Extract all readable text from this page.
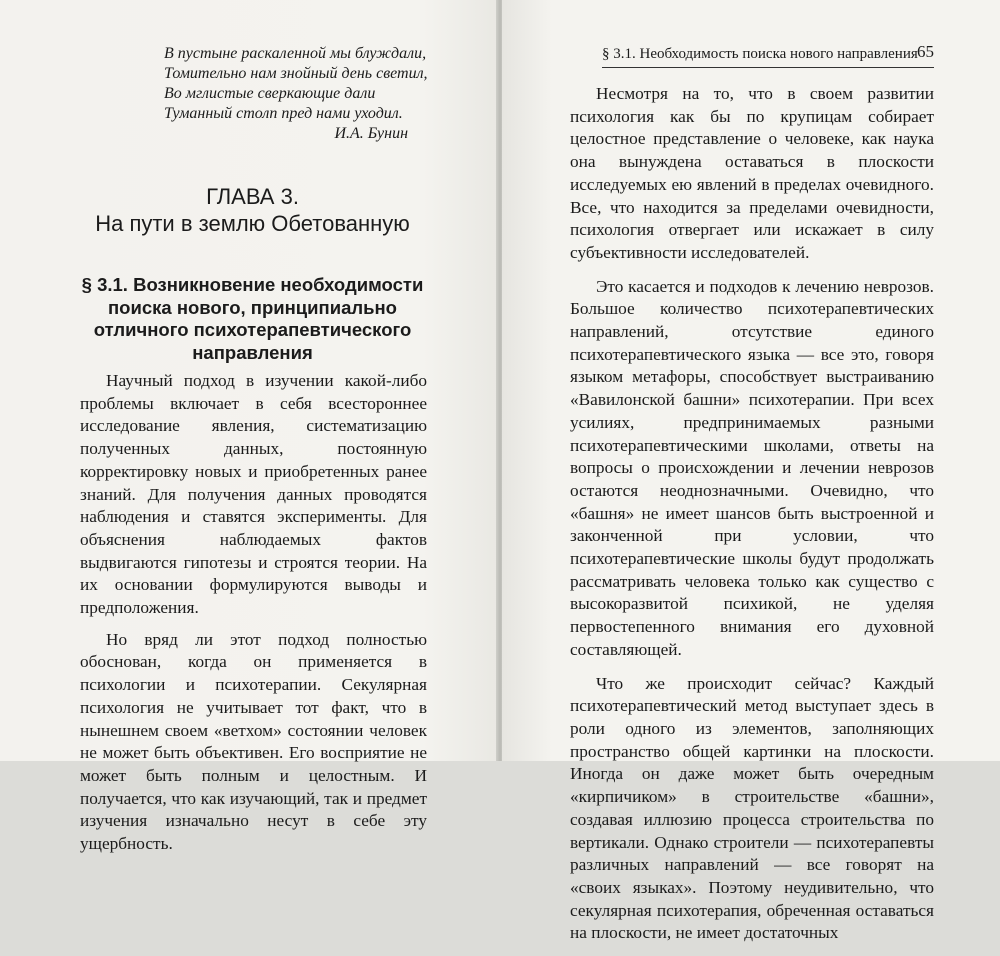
В пустыне раскаленной мы блуждали,
Томительно нам знойный день светил,
Во мглистые сверкающие дали
Туманный столп пред нами уходил.
И.А. Бунин
ГЛАВА 3.
На пути в землю Обетованную
§ 3.1. Возникновение необходимости
поиска нового, принципиально
отличного психотерапевтического
направления

Научный подход в изучении какой-либо проблемы включает в себя всестороннее исследование явления, систематизацию полученных данных, постоянную корректировку новых и приобретенных ранее знаний. Для получения данных проводятся наблюдения и ставятся эксперименты. Для объяснения наблюдаемых фактов выдвигаются гипотезы и строятся теории. На их основании формулируются выводы и предположения.

Но вряд ли этот подход полностью обоснован, когда он применяется в психологии и психотерапии. Секулярная психология не учитывает тот факт, что в нынешнем своем «ветхом» состоянии человек не может быть объективен. Его восприятие не может быть полным и целостным. И получается, что как изучающий, так и предмет изучения изначально несут в себе эту ущербность.

§ 3.1. Необходимость поиска нового направления 65

Несмотря на то, что в своем развитии психология как бы по крупицам собирает целостное представление о человеке, как наука она вынуждена оставаться в плоскости исследуемых ею явлений в пределах очевидного. Все, что находится за пределами очевидности, психология отвергает или искажает в силу субъективности исследователей.

Это касается и подходов к лечению неврозов. Большое количество психотерапевтических направлений, отсутствие единого психотерапевтического языка — все это, говоря языком метафоры, способствует выстраиванию «Вавилонской башни» психотерапии. При всех усилиях, предпринимаемых разными психотерапевтическими школами, ответы на вопросы о происхождении и лечении неврозов остаются неоднозначными. Очевидно, что «башня» не имеет шансов быть выстроенной и законченной при условии, что психотерапевтические школы будут продолжать рассматривать человека только как существо с высокоразвитой психикой, не уделяя первостепенного внимания его духовной составляющей.

Что же происходит сейчас? Каждый психотерапевтический метод выступает здесь в роли одного из элементов, заполняющих пространство общей картинки на плоскости. Иногда он даже может быть очередным «кирпичиком» в строительстве «башни», создавая иллюзию процесса строительства по вертикали. Однако строители — психотерапевты различных направлений — все говорят на «своих языках». Поэтому неудивительно, что секулярная психотерапия, обреченная оставаться на плоскости, не имеет достаточных
